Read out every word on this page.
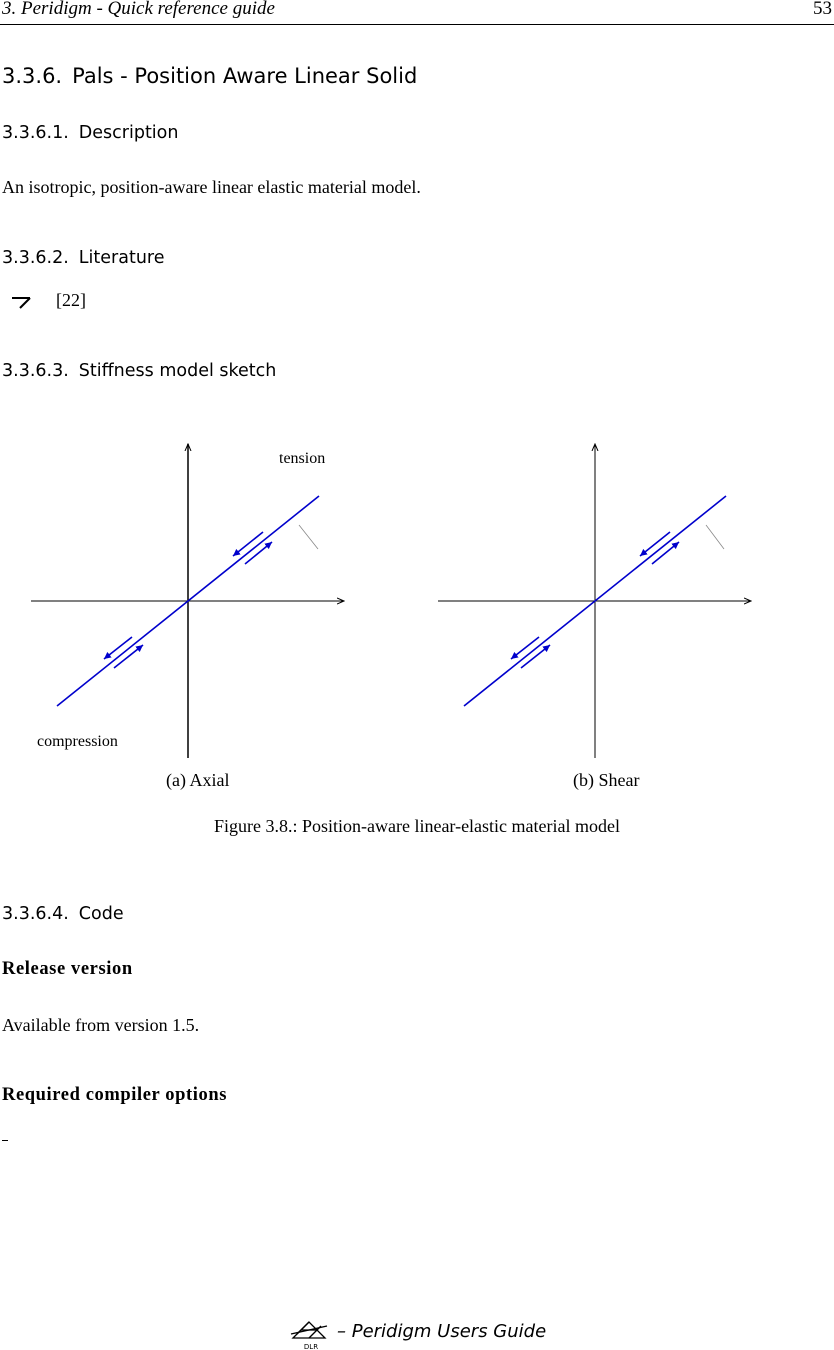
3. Peridigm - Quick reference guide	53
3.3.6. Pals - Position Aware Linear Solid
3.3.6.1. Description

An isotropic, position-aware linear elastic material model.

3.3.6.2. Literature
[22]
3.3.6.3. Stiffness model sketch
tension
compression
(a) Axial	(b) Shear
Figure 3.8.: Position-aware linear-elastic material model
3.3.6.4. Code
Release version

Available from version 1.5.

Required compiler options
DLR
– Peridigm Users Guide
